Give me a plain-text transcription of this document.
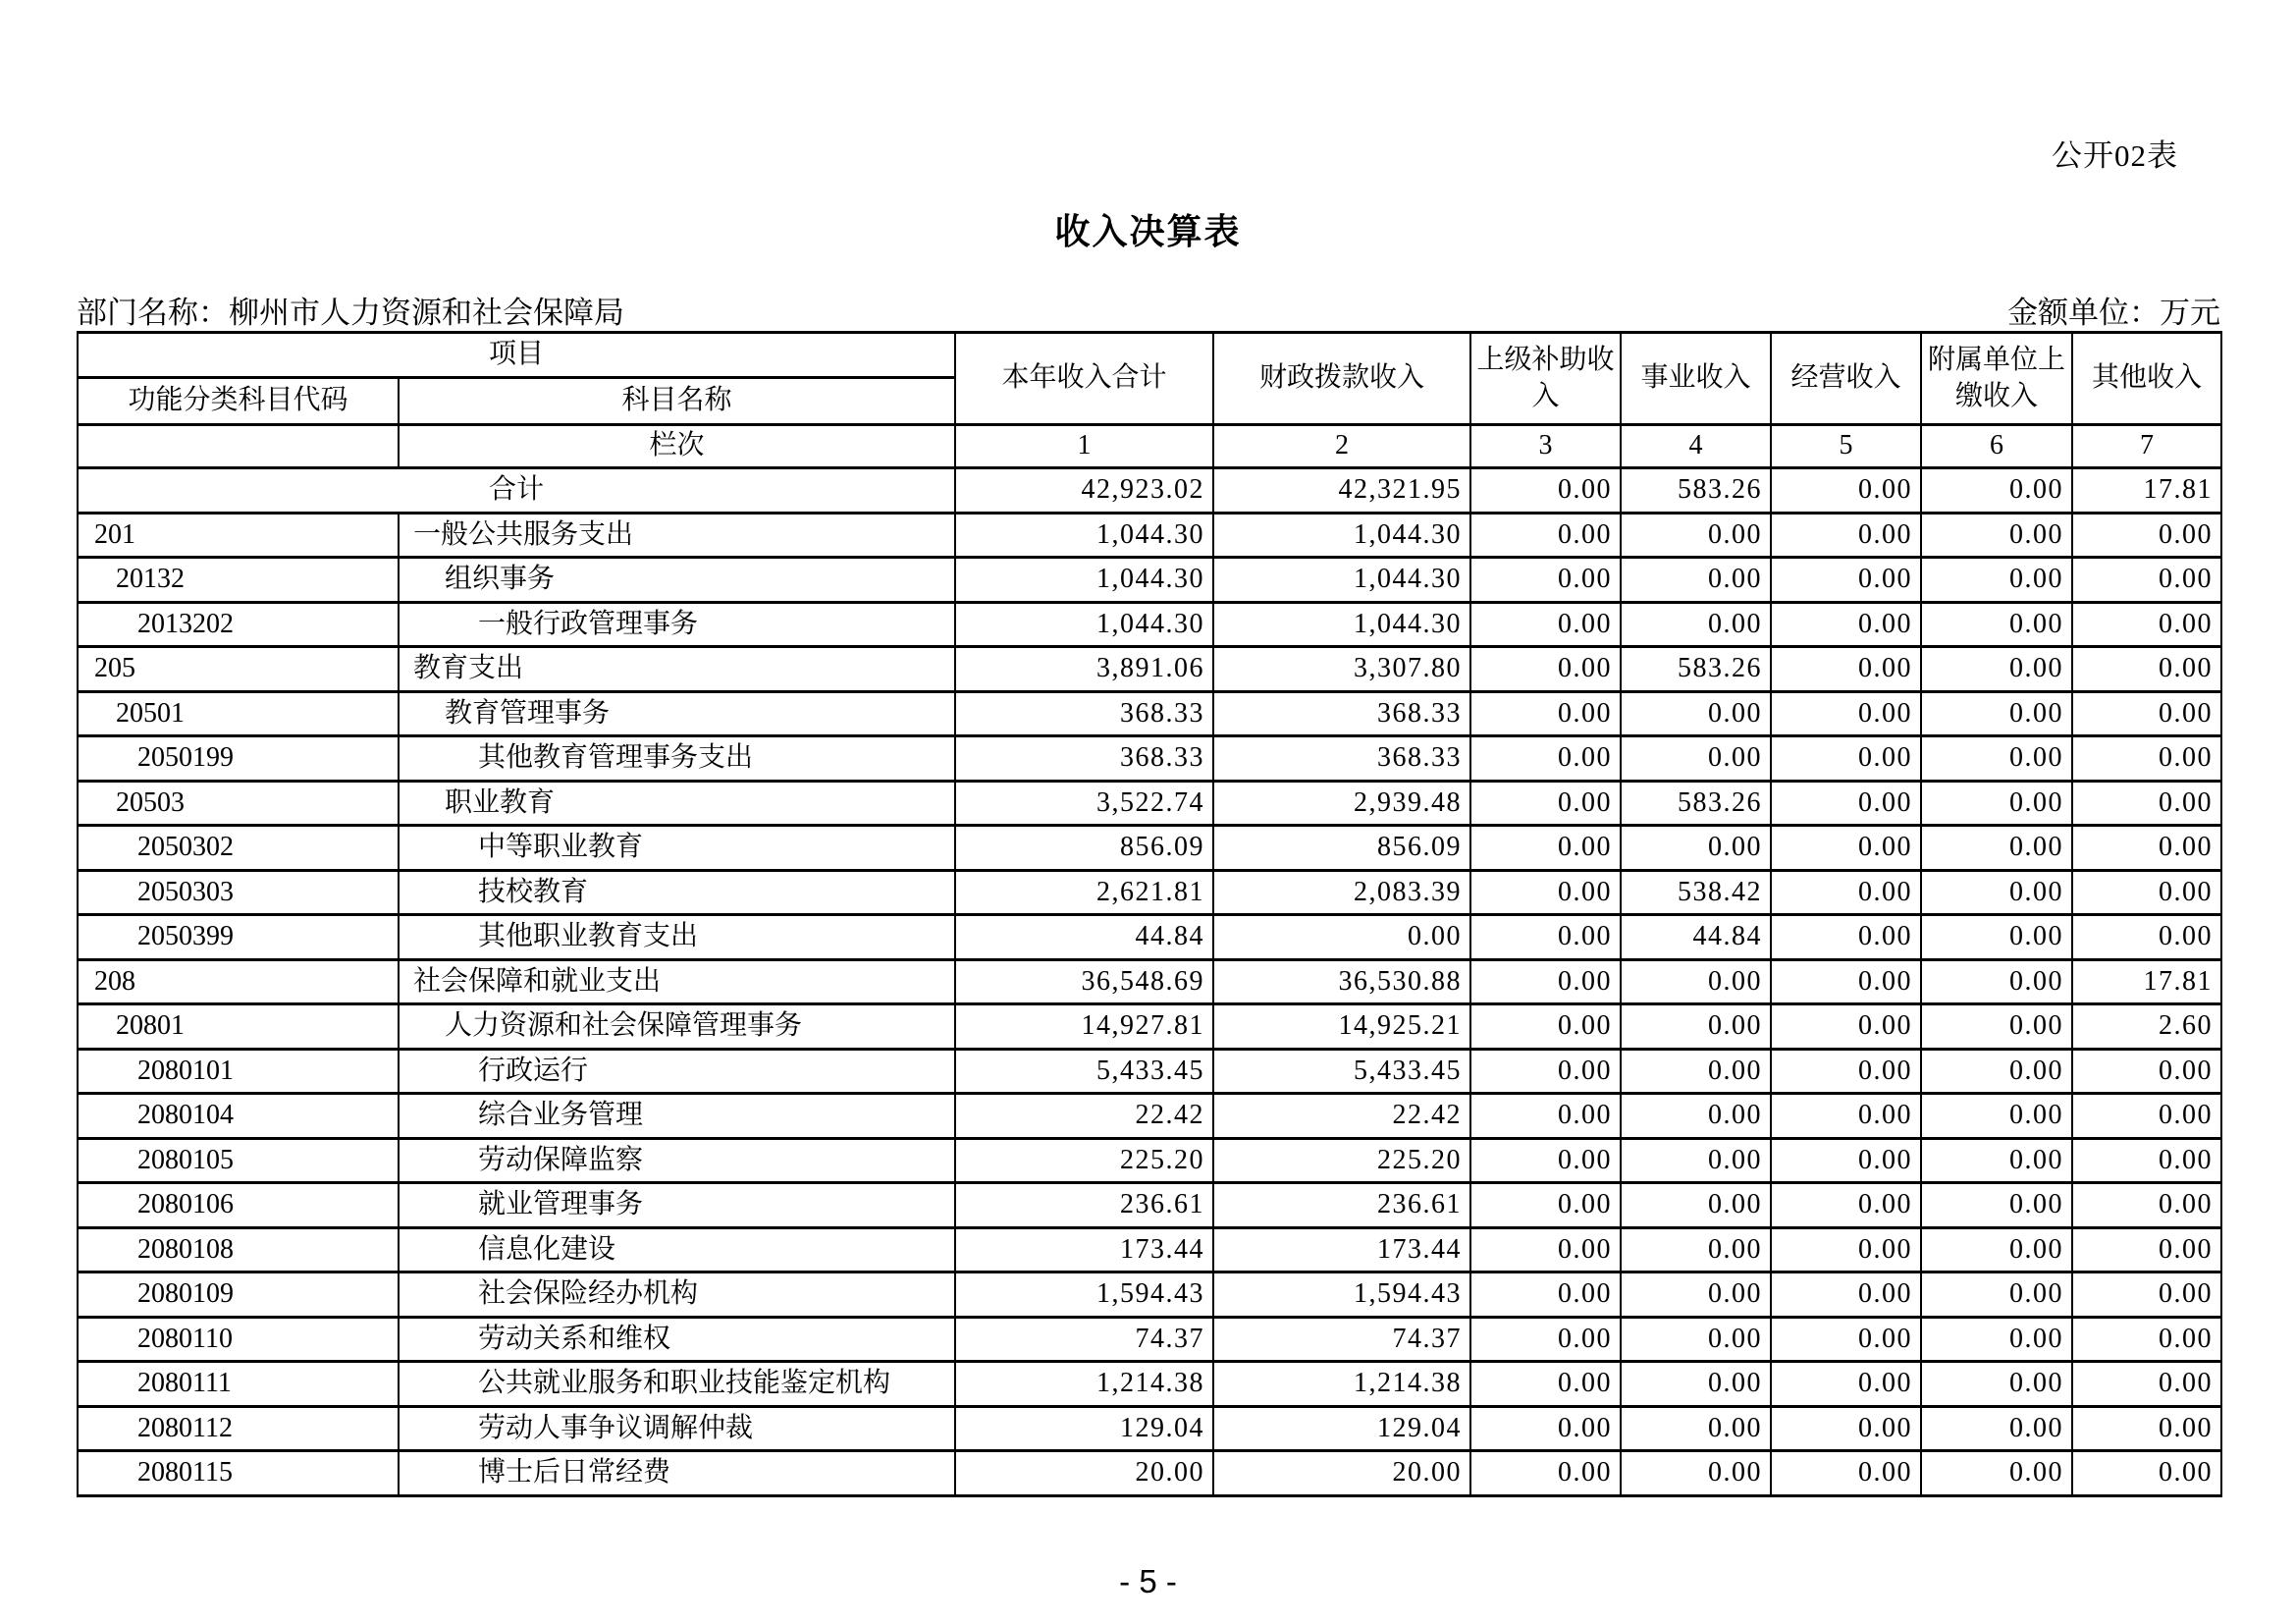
公开02表
收入决算表
部门名称：柳州市人力资源和社会保障局	金额单位：万元
项目		本年收入合计	财政拨款收入	上级补助收入	事业收入	经营收入	附属单位上缴收入	其他收入
功能分类科目代码	科目名称							
	栏次	1	2	3	4	5	6	7
合计		42,923.02	42,321.95	0.00	583.26	0.00	0.00	17.81
201	一般公共服务支出	1,044.30	1,044.30	0.00	0.00	0.00	0.00	0.00
20132	组织事务	1,044.30	1,044.30	0.00	0.00	0.00	0.00	0.00
2013202	一般行政管理事务	1,044.30	1,044.30	0.00	0.00	0.00	0.00	0.00
205	教育支出	3,891.06	3,307.80	0.00	583.26	0.00	0.00	0.00
20501	教育管理事务	368.33	368.33	0.00	0.00	0.00	0.00	0.00
2050199	其他教育管理事务支出	368.33	368.33	0.00	0.00	0.00	0.00	0.00
20503	职业教育	3,522.74	2,939.48	0.00	583.26	0.00	0.00	0.00
2050302	中等职业教育	856.09	856.09	0.00	0.00	0.00	0.00	0.00
2050303	技校教育	2,621.81	2,083.39	0.00	538.42	0.00	0.00	0.00
2050399	其他职业教育支出	44.84	0.00	0.00	44.84	0.00	0.00	0.00
208	社会保障和就业支出	36,548.69	36,530.88	0.00	0.00	0.00	0.00	17.81
20801	人力资源和社会保障管理事务	14,927.81	14,925.21	0.00	0.00	0.00	0.00	2.60
2080101	行政运行	5,433.45	5,433.45	0.00	0.00	0.00	0.00	0.00
2080104	综合业务管理	22.42	22.42	0.00	0.00	0.00	0.00	0.00
2080105	劳动保障监察	225.20	225.20	0.00	0.00	0.00	0.00	0.00
2080106	就业管理事务	236.61	236.61	0.00	0.00	0.00	0.00	0.00
2080108	信息化建设	173.44	173.44	0.00	0.00	0.00	0.00	0.00
2080109	社会保险经办机构	1,594.43	1,594.43	0.00	0.00	0.00	0.00	0.00
2080110	劳动关系和维权	74.37	74.37	0.00	0.00	0.00	0.00	0.00
2080111	公共就业服务和职业技能鉴定机构	1,214.38	1,214.38	0.00	0.00	0.00	0.00	0.00
2080112	劳动人事争议调解仲裁	129.04	129.04	0.00	0.00	0.00	0.00	0.00
2080115	博士后日常经费	20.00	20.00	0.00	0.00	0.00	0.00	0.00
- 5 -
